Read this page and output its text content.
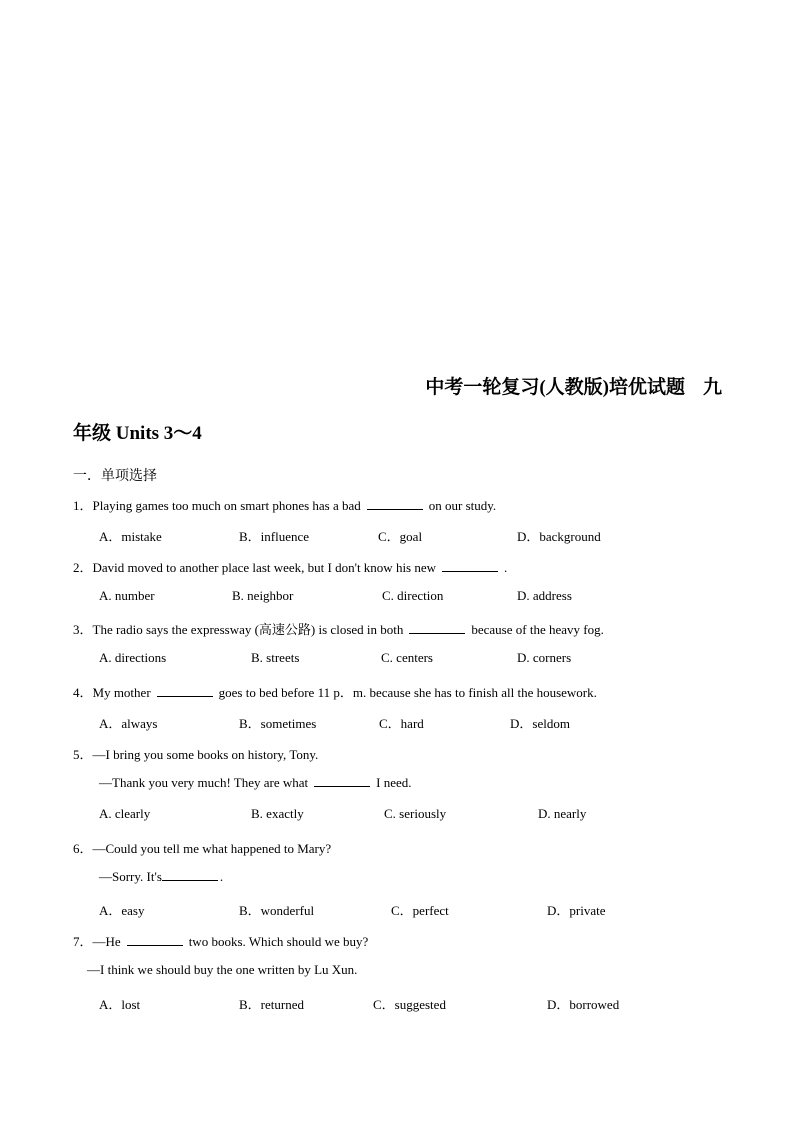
中考一轮复习(人教版)培优试题 九
年级 Units 3～4
一．单项选择
1．Playing games too much on smart phones has a bad	on our study.
A．mistake	B．influence	C．goal	D．background
2．David moved to another place last week, but I don't know his new	.
A. number	B. neighbor	C. direction	D. address
3．The radio says the expressway (高速公路) is closed in both	because of the heavy fog.
A. directions	B. streets	C. centers	D. corners
4．My mother	goes to bed before 11 p．m. because she has to finish all the housework.
A．always	B．sometimes	C．hard	D．seldom
5．—I bring you some books on history, Tony.
—Thank you very much! They are what	I need.
A. clearly	B. exactly	C. seriously	D. nearly
6．—Could you tell me what happened to Mary?
—Sorry. It's	.
A．easy	B．wonderful	C．perfect	D．private
7．—He	two books. Which should we buy?
—I think we should buy the one written by Lu Xun.
A．lost	B．returned	C．suggested	D．borrowed
